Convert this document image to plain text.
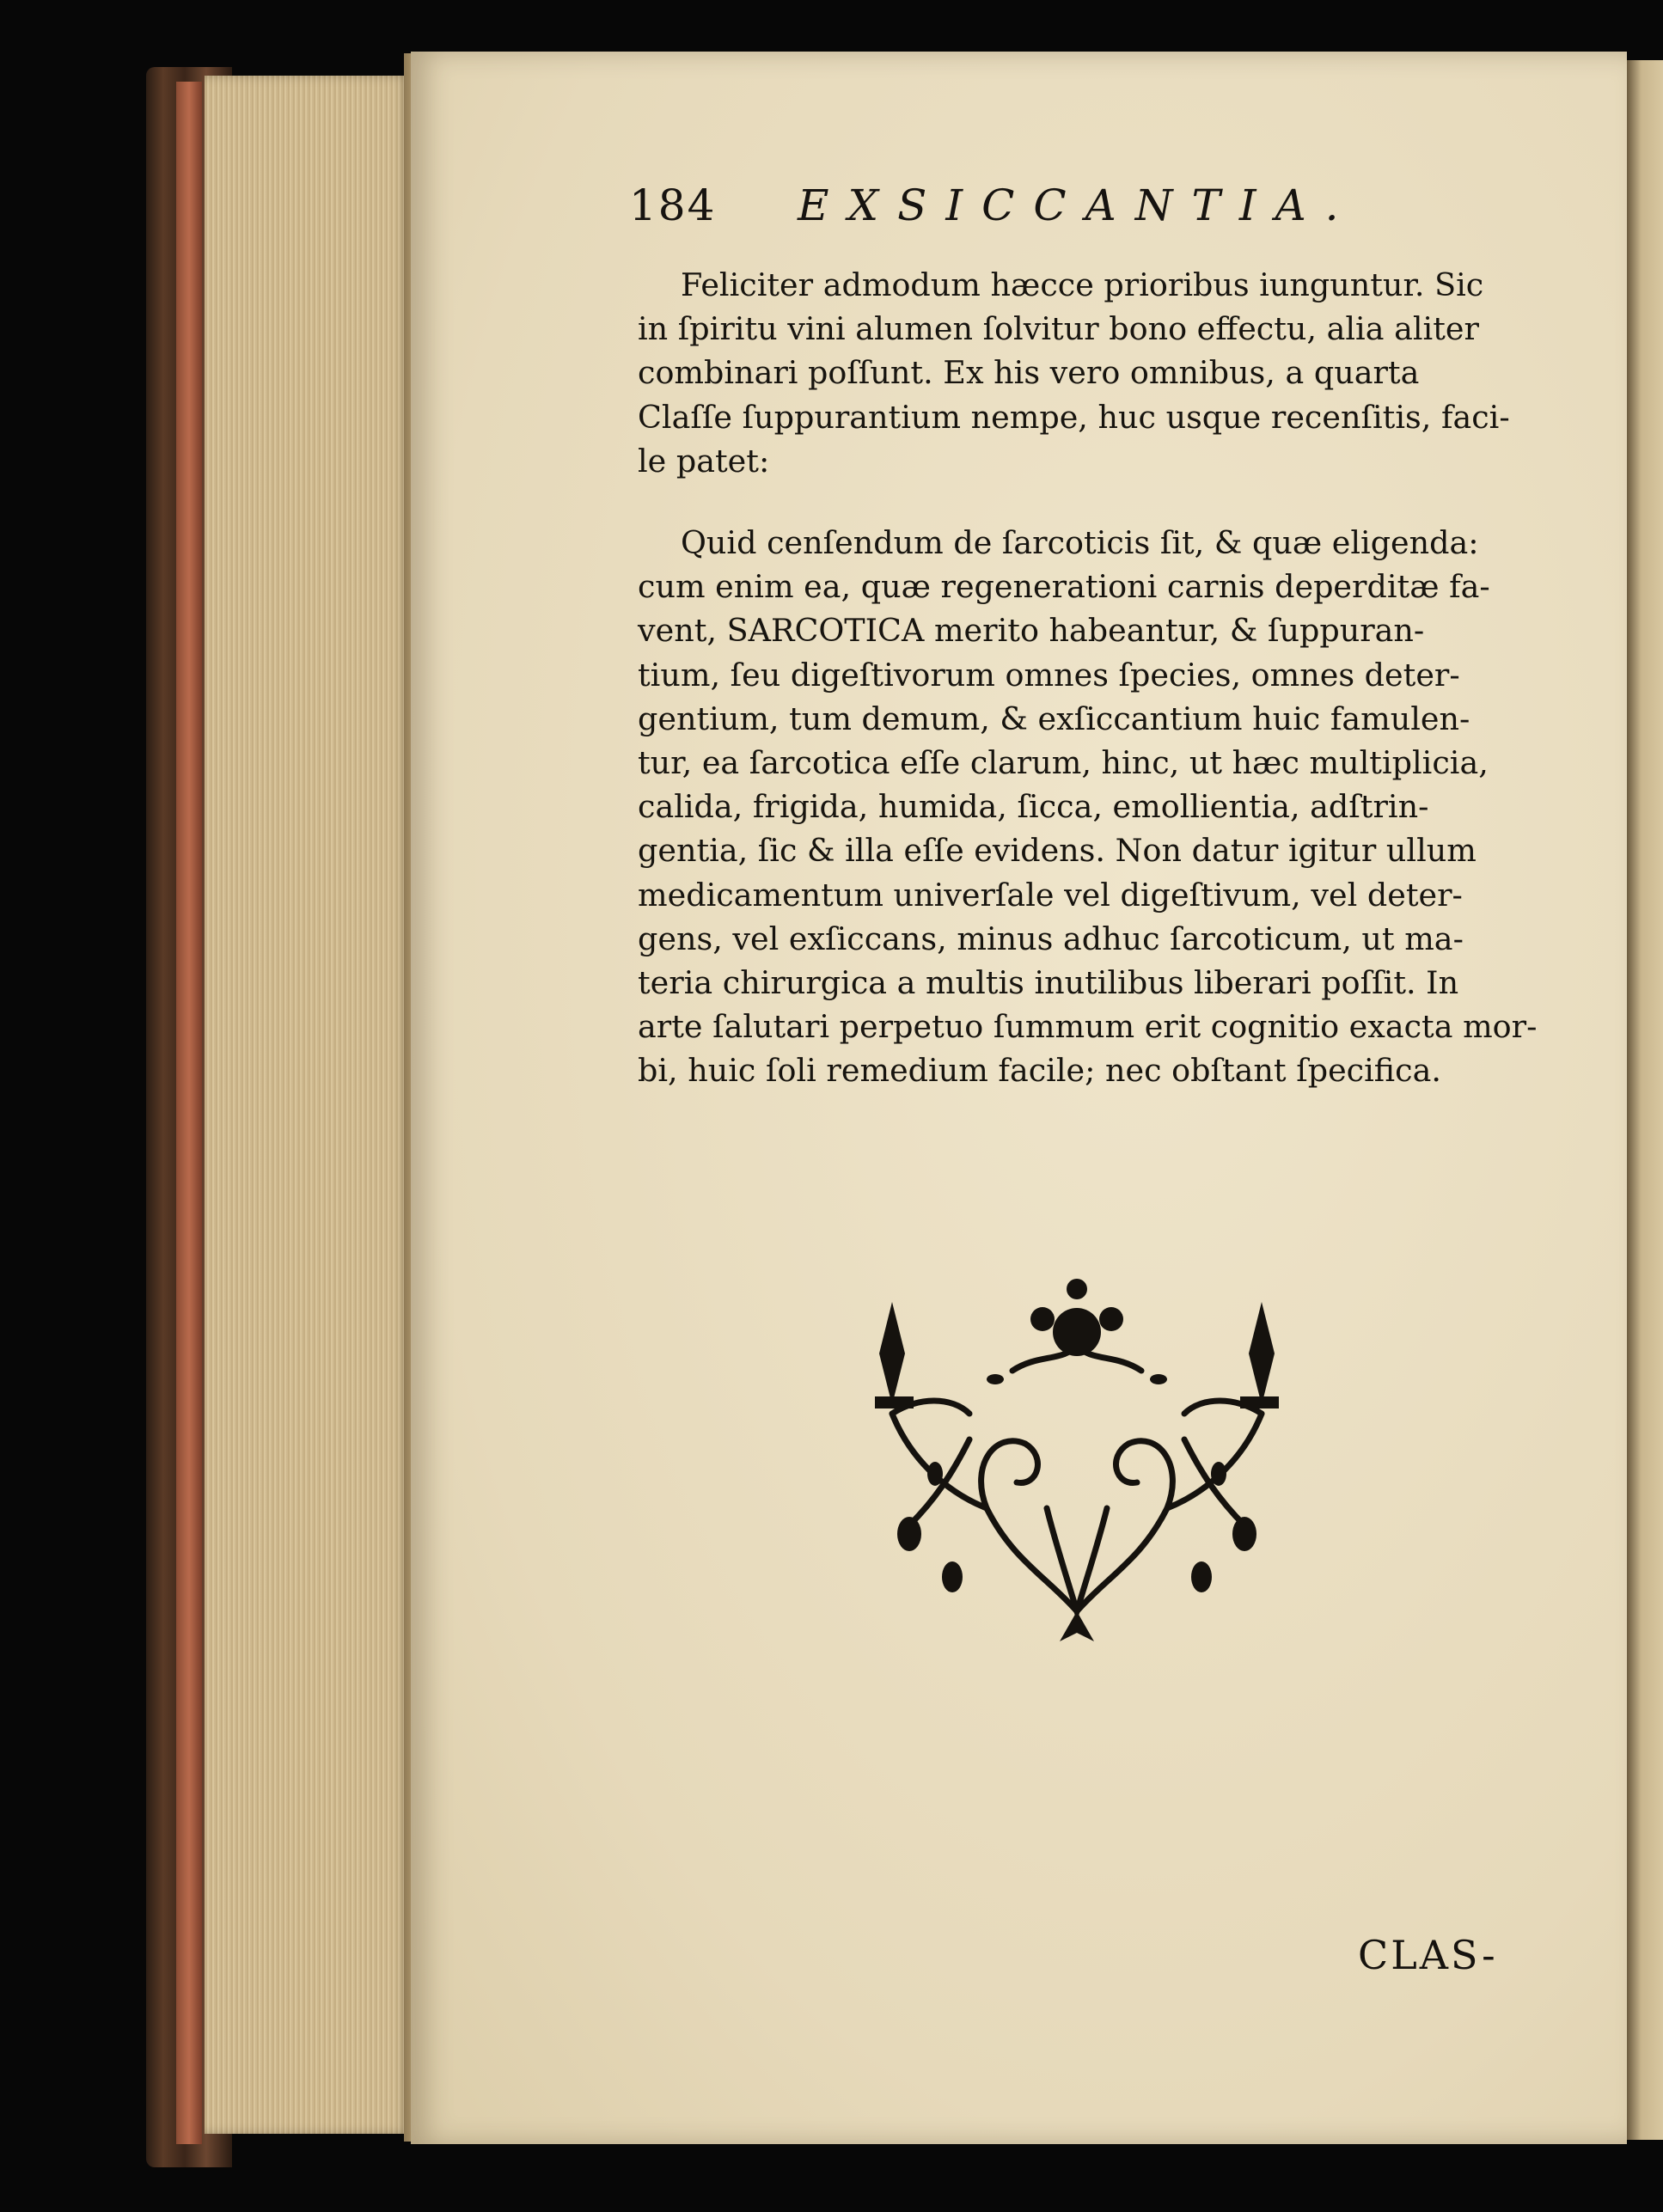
184 EXSICCANTIA.
Feliciter admodum hæcce prioribus iunguntur. Sic
in ſpiritu vini alumen ſolvitur bono effectu, alia aliter
combinari poſſunt. Ex his vero omnibus, a quarta
Claſſe ſuppurantium nempe, huc usque recenſitis, faci-
le patet:
Quid cenſendum de ſarcoticis ſit, & quæ eligenda:
cum enim ea, quæ regenerationi carnis deperditæ fa-
vent, SARCOTICA merito habeantur, & ſuppuran-
tium, ſeu digeſtivorum omnes ſpecies, omnes deter-
gentium, tum demum, & exſiccantium huic famulen-
tur, ea ſarcotica eſſe clarum, hinc, ut hæc multiplicia,
calida, frigida, humida, ſicca, emollientia, adſtrin-
gentia, ſic & illa eſſe evidens. Non datur igitur ullum
medicamentum univerſale vel digeſtivum, vel deter-
gens, vel exſiccans, minus adhuc ſarcoticum, ut ma-
teria chirurgica a multis inutilibus liberari poſſit. In
arte ſalutari perpetuo ſummum erit cognitio exacta mor-
bi, huic ſoli remedium facile; nec obſtant ſpecifica.
CLAS-
